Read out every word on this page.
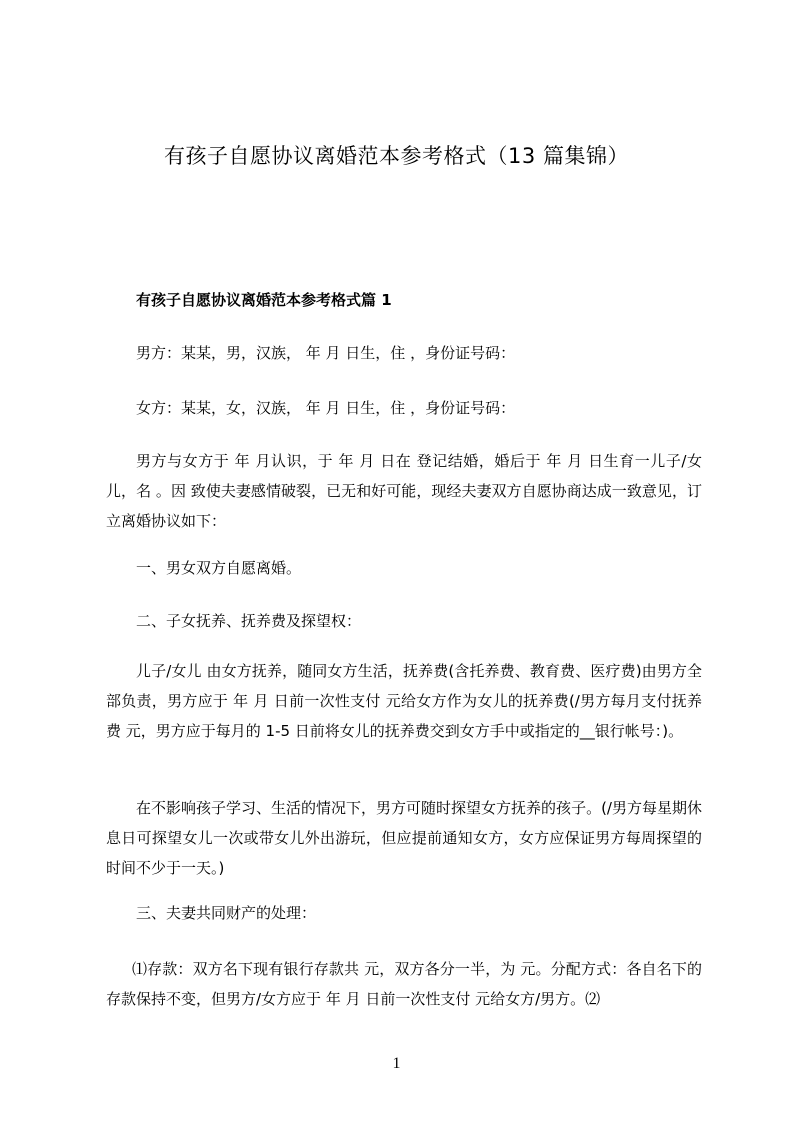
有孩子自愿协议离婚范本参考格式（13 篇集锦）
有孩子自愿协议离婚范本参考格式篇 1
男方：某某，男，汉族， 年 月 日生，住 ，身份证号码：
女方：某某，女，汉族， 年 月 日生，住 ，身份证号码：
男方与女方于 年 月认识，于 年 月 日在 登记结婚，婚后于 年 月 日生育一儿子/女儿，名 。因 致使夫妻感情破裂，已无和好可能，现经夫妻双方自愿协商达成一致意见，订立离婚协议如下：
一、男女双方自愿离婚。
二、子女抚养、抚养费及探望权：
儿子/女儿 由女方抚养，随同女方生活，抚养费(含托养费、教育费、医疗费)由男方全部负责，男方应于 年 月 日前一次性支付 元给女方作为女儿的抚养费(/男方每月支付抚养费 元，男方应于每月的 1-5 日前将女儿的抚养费交到女方手中或指定的__银行帐号：)。
在不影响孩子学习、生活的情况下，男方可随时探望女方抚养的孩子。(/男方每星期休息日可探望女儿一次或带女儿外出游玩，但应提前通知女方，女方应保证男方每周探望的时间不少于一天。)
三、夫妻共同财产的处理：
⑴存款：双方名下现有银行存款共 元，双方各分一半，为 元。分配方式：各自名下的存款保持不变，但男方/女方应于 年 月 日前一次性支付 元给女方/男方。⑵
1
